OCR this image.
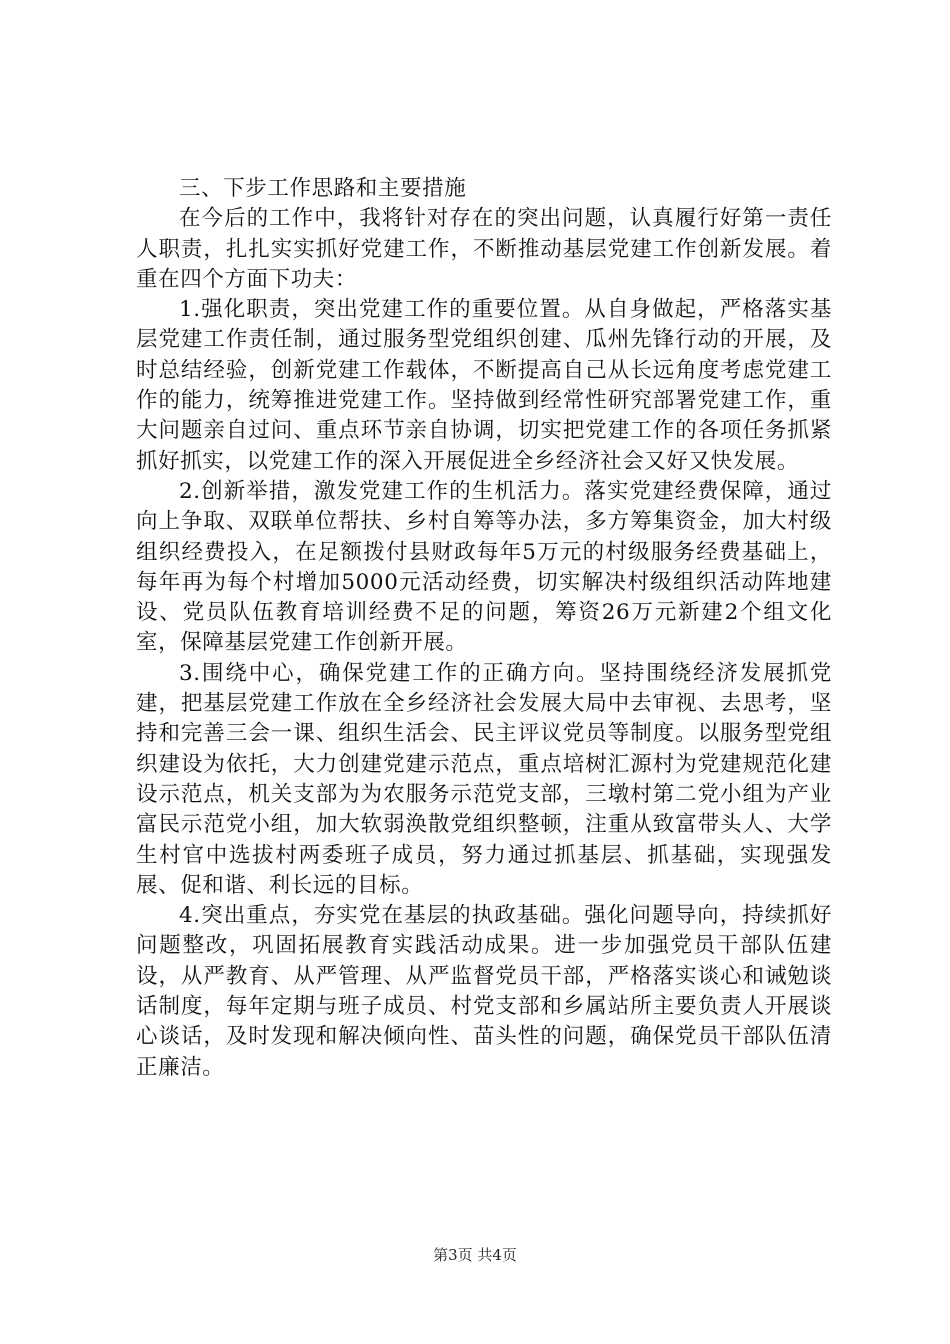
三、下步工作思路和主要措施

在今后的工作中，我将针对存在的突出问题，认真履行好第一责任人职责，扎扎实实抓好党建工作，不断推动基层党建工作创新发展。着重在四个方面下功夫：

1.强化职责，突出党建工作的重要位置。从自身做起，严格落实基层党建工作责任制，通过服务型党组织创建、瓜州先锋行动的开展，及时总结经验，创新党建工作载体，不断提高自己从长远角度考虑党建工作的能力，统筹推进党建工作。坚持做到经常性研究部署党建工作，重大问题亲自过问、重点环节亲自协调，切实把党建工作的各项任务抓紧抓好抓实，以党建工作的深入开展促进全乡经济社会又好又快发展。

2.创新举措，激发党建工作的生机活力。落实党建经费保障，通过向上争取、双联单位帮扶、乡村自筹等办法，多方筹集资金，加大村级组织经费投入，在足额拨付县财政每年5万元的村级服务经费基础上，每年再为每个村增加5000元活动经费，切实解决村级组织活动阵地建设、党员队伍教育培训经费不足的问题，筹资26万元新建2个组文化室，保障基层党建工作创新开展。

3.围绕中心，确保党建工作的正确方向。坚持围绕经济发展抓党建，把基层党建工作放在全乡经济社会发展大局中去审视、去思考，坚持和完善三会一课、组织生活会、民主评议党员等制度。以服务型党组织建设为依托，大力创建党建示范点，重点培树汇源村为党建规范化建设示范点，机关支部为为农服务示范党支部，三墩村第二党小组为产业富民示范党小组，加大软弱涣散党组织整顿，注重从致富带头人、大学生村官中选拔村两委班子成员，努力通过抓基层、抓基础，实现强发展、促和谐、利长远的目标。

4.突出重点，夯实党在基层的执政基础。强化问题导向，持续抓好问题整改，巩固拓展教育实践活动成果。进一步加强党员干部队伍建设，从严教育、从严管理、从严监督党员干部，严格落实谈心和诫勉谈话制度，每年定期与班子成员、村党支部和乡属站所主要负责人开展谈心谈话，及时发现和解决倾向性、苗头性的问题，确保党员干部队伍清正廉洁。

第3页 共4页
